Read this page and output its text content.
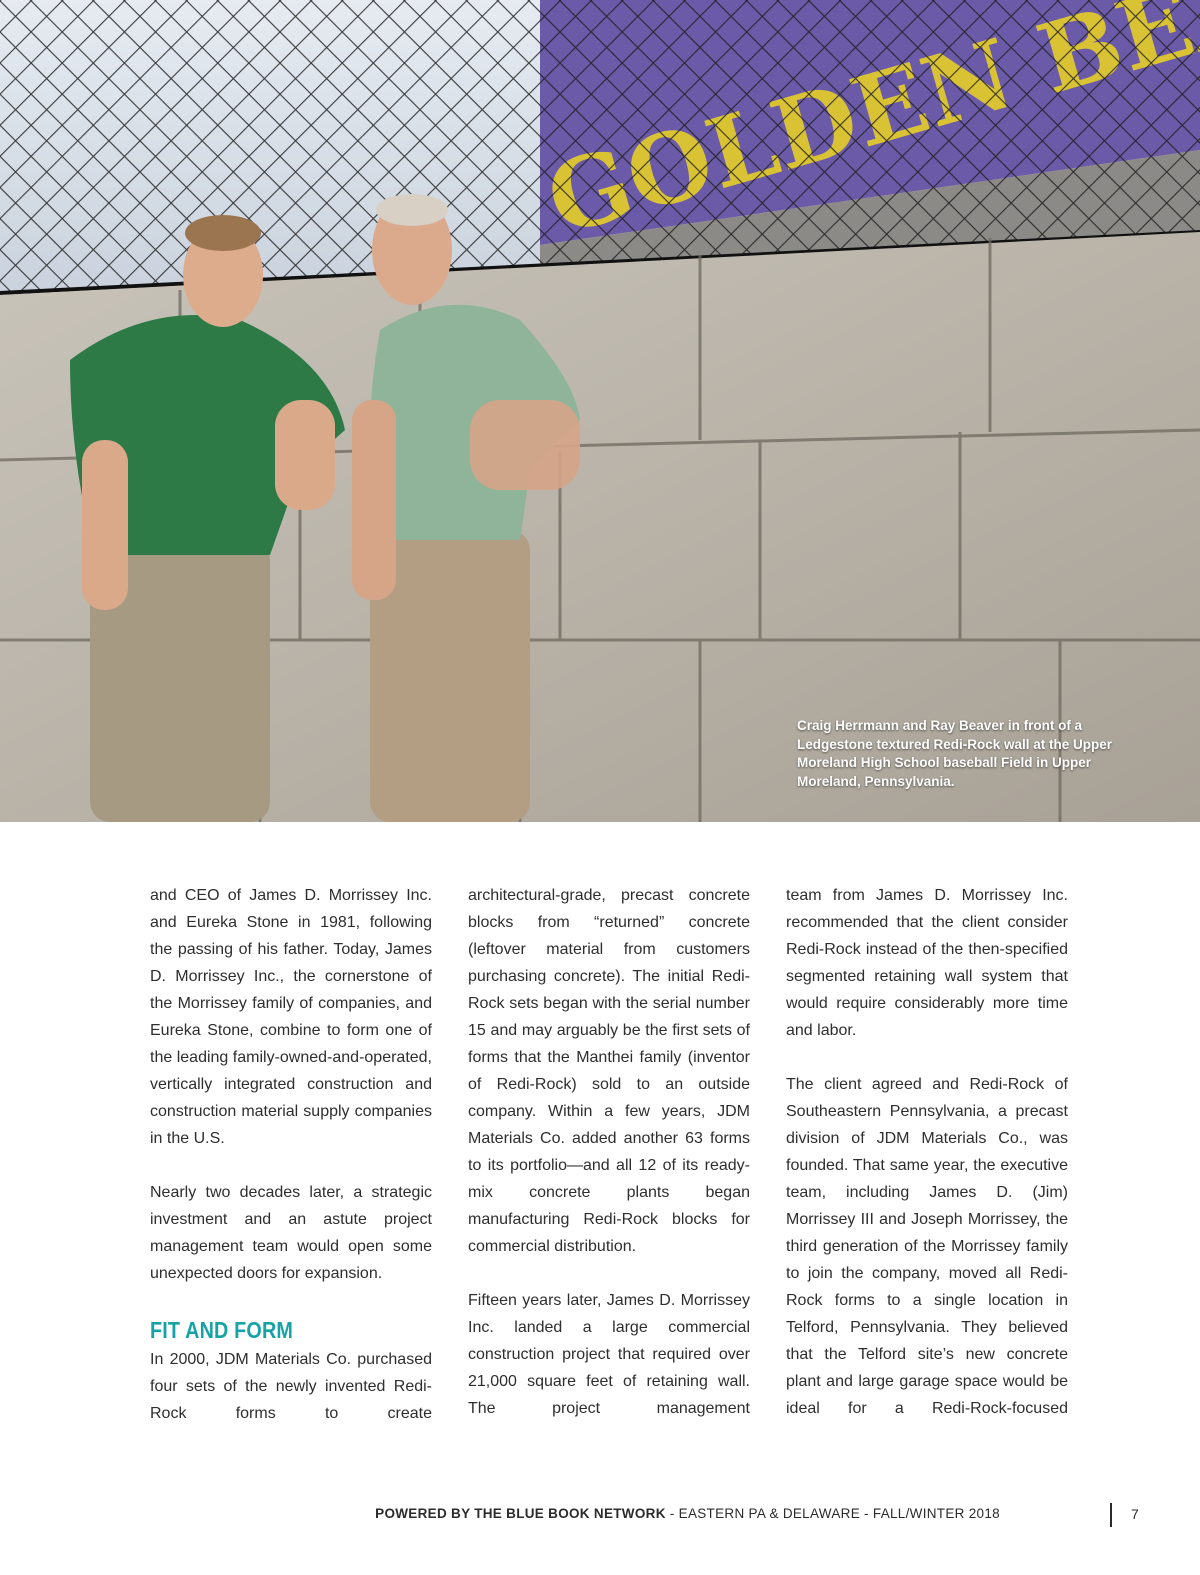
Craig Herrmann and Ray Beaver in front of a Ledgestone textured Redi-Rock wall at the Upper Moreland High School baseball Field in Upper Moreland, Pennsylvania.

and CEO of James D. Morrissey Inc. and Eureka Stone in 1981, following the passing of his father. Today, James D. Morrissey Inc., the cornerstone of the Morrissey family of companies, and Eureka Stone, combine to form one of the leading family-owned-and-operated, vertically integrated construction and construction material supply companies in the U.S.

Nearly two decades later, a strategic investment and an astute project management team would open some unexpected doors for expansion.

FIT AND FORM

In 2000, JDM Materials Co. purchased four sets of the newly invented Redi-Rock forms to create

architectural-grade, precast concrete blocks from “returned” concrete (leftover material from customers purchasing concrete). The initial Redi-Rock sets began with the serial number 15 and may arguably be the first sets of forms that the Manthei family (inventor of Redi-Rock) sold to an outside company. Within a few years, JDM Materials Co. added another 63 forms to its portfolio—and all 12 of its ready-mix concrete plants began manufacturing Redi-Rock blocks for commercial distribution.

Fifteen years later, James D. Morrissey Inc. landed a large commercial construction project that required over 21,000 square feet of retaining wall. The project management

team from James D. Morrissey Inc. recommended that the client consider Redi-Rock instead of the then-specified segmented retaining wall system that would require considerably more time and labor.

The client agreed and Redi-Rock of Southeastern Pennsylvania, a precast division of JDM Materials Co., was founded. That same year, the executive team, including James D. (Jim) Morrissey III and Joseph Morrissey, the third generation of the Morrissey family to join the company, moved all Redi-Rock forms to a single location in Telford, Pennsylvania. They believed that the Telford site’s new concrete plant and large garage space would be ideal for a Redi-Rock-focused

POWERED BY THE BLUE BOOK NETWORK - EASTERN PA & DELAWARE - FALL/WINTER 2018	7
